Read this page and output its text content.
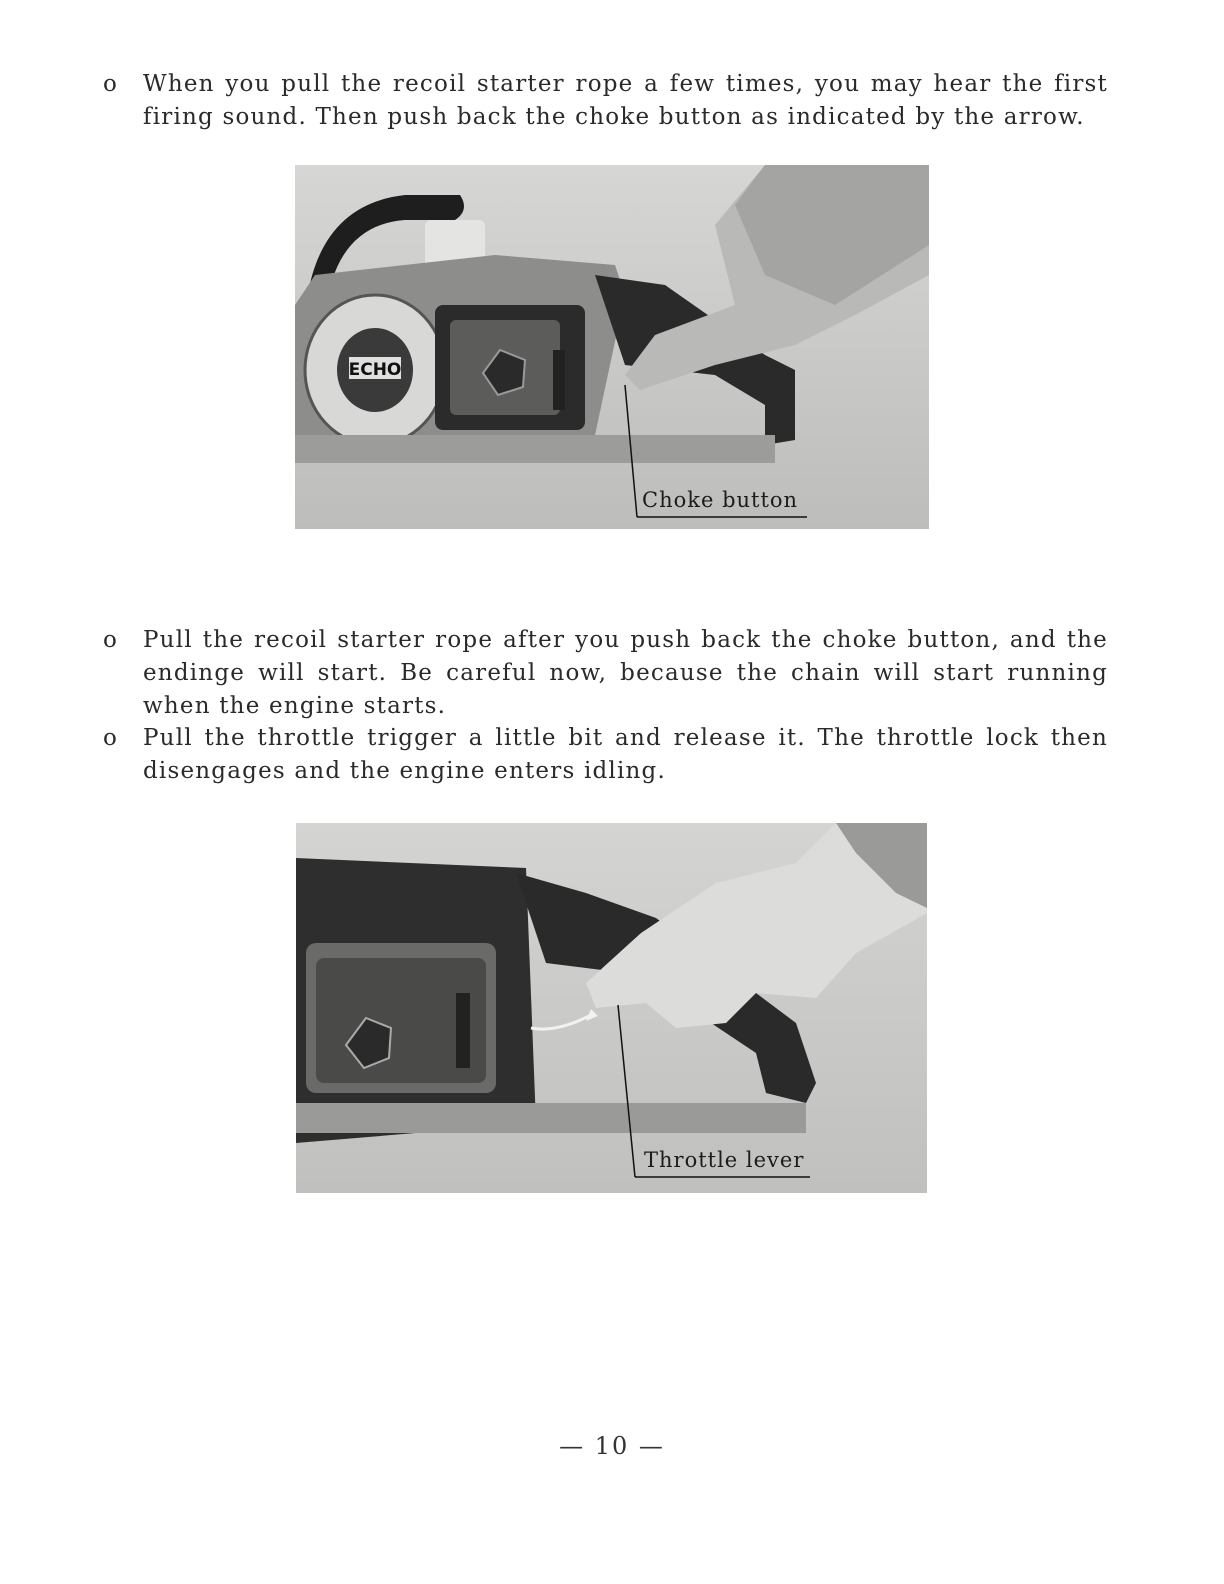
o	When you pull the recoil starter rope a few times, you may hear the first firing sound. Then push back the choke button as indicated by the arrow.
ECHO
Choke button
o	Pull the recoil starter rope after you push back the choke button, and the endinge will start. Be careful now, because the chain will start running when the engine starts.
o	Pull the throttle trigger a little bit and release it. The throttle lock then disengages and the engine enters idling.
Throttle lever
— 10 —
